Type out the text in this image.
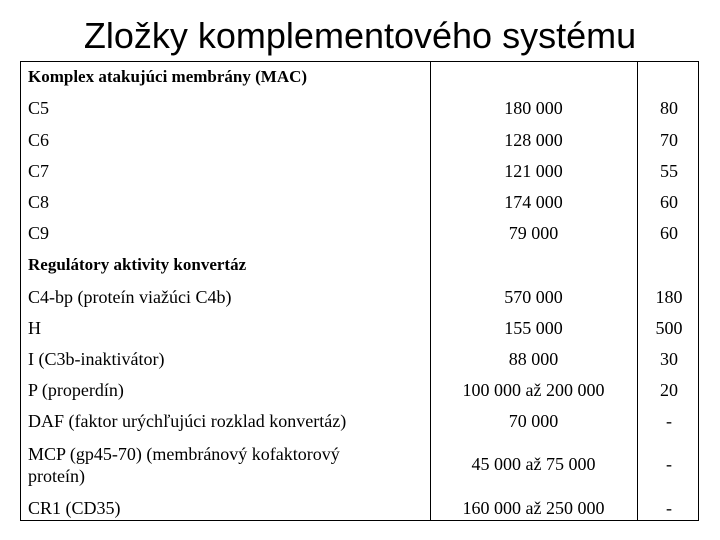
Zložky komplementového systému
Komplex atakujúci membrány (MAC)
C5	180 000	80
C6	128 000	70
C7	121 000	55
C8	174 000	60
C9	79 000	60
Regulátory aktivity konvertáz
C4-bp (proteín viažúci C4b)	570 000	180
H	155 000	500
I (C3b-inaktivátor)	88 000	30
P (properdín)	100 000 až 200 000	20
DAF (faktor urýchľujúci rozklad konvertáz)	70 000	-
MCP (gp45-70) (membránový kofaktorový
proteín)
45 000 až 75 000	-
CR1 (CD35)	160 000 až 250 000	-
